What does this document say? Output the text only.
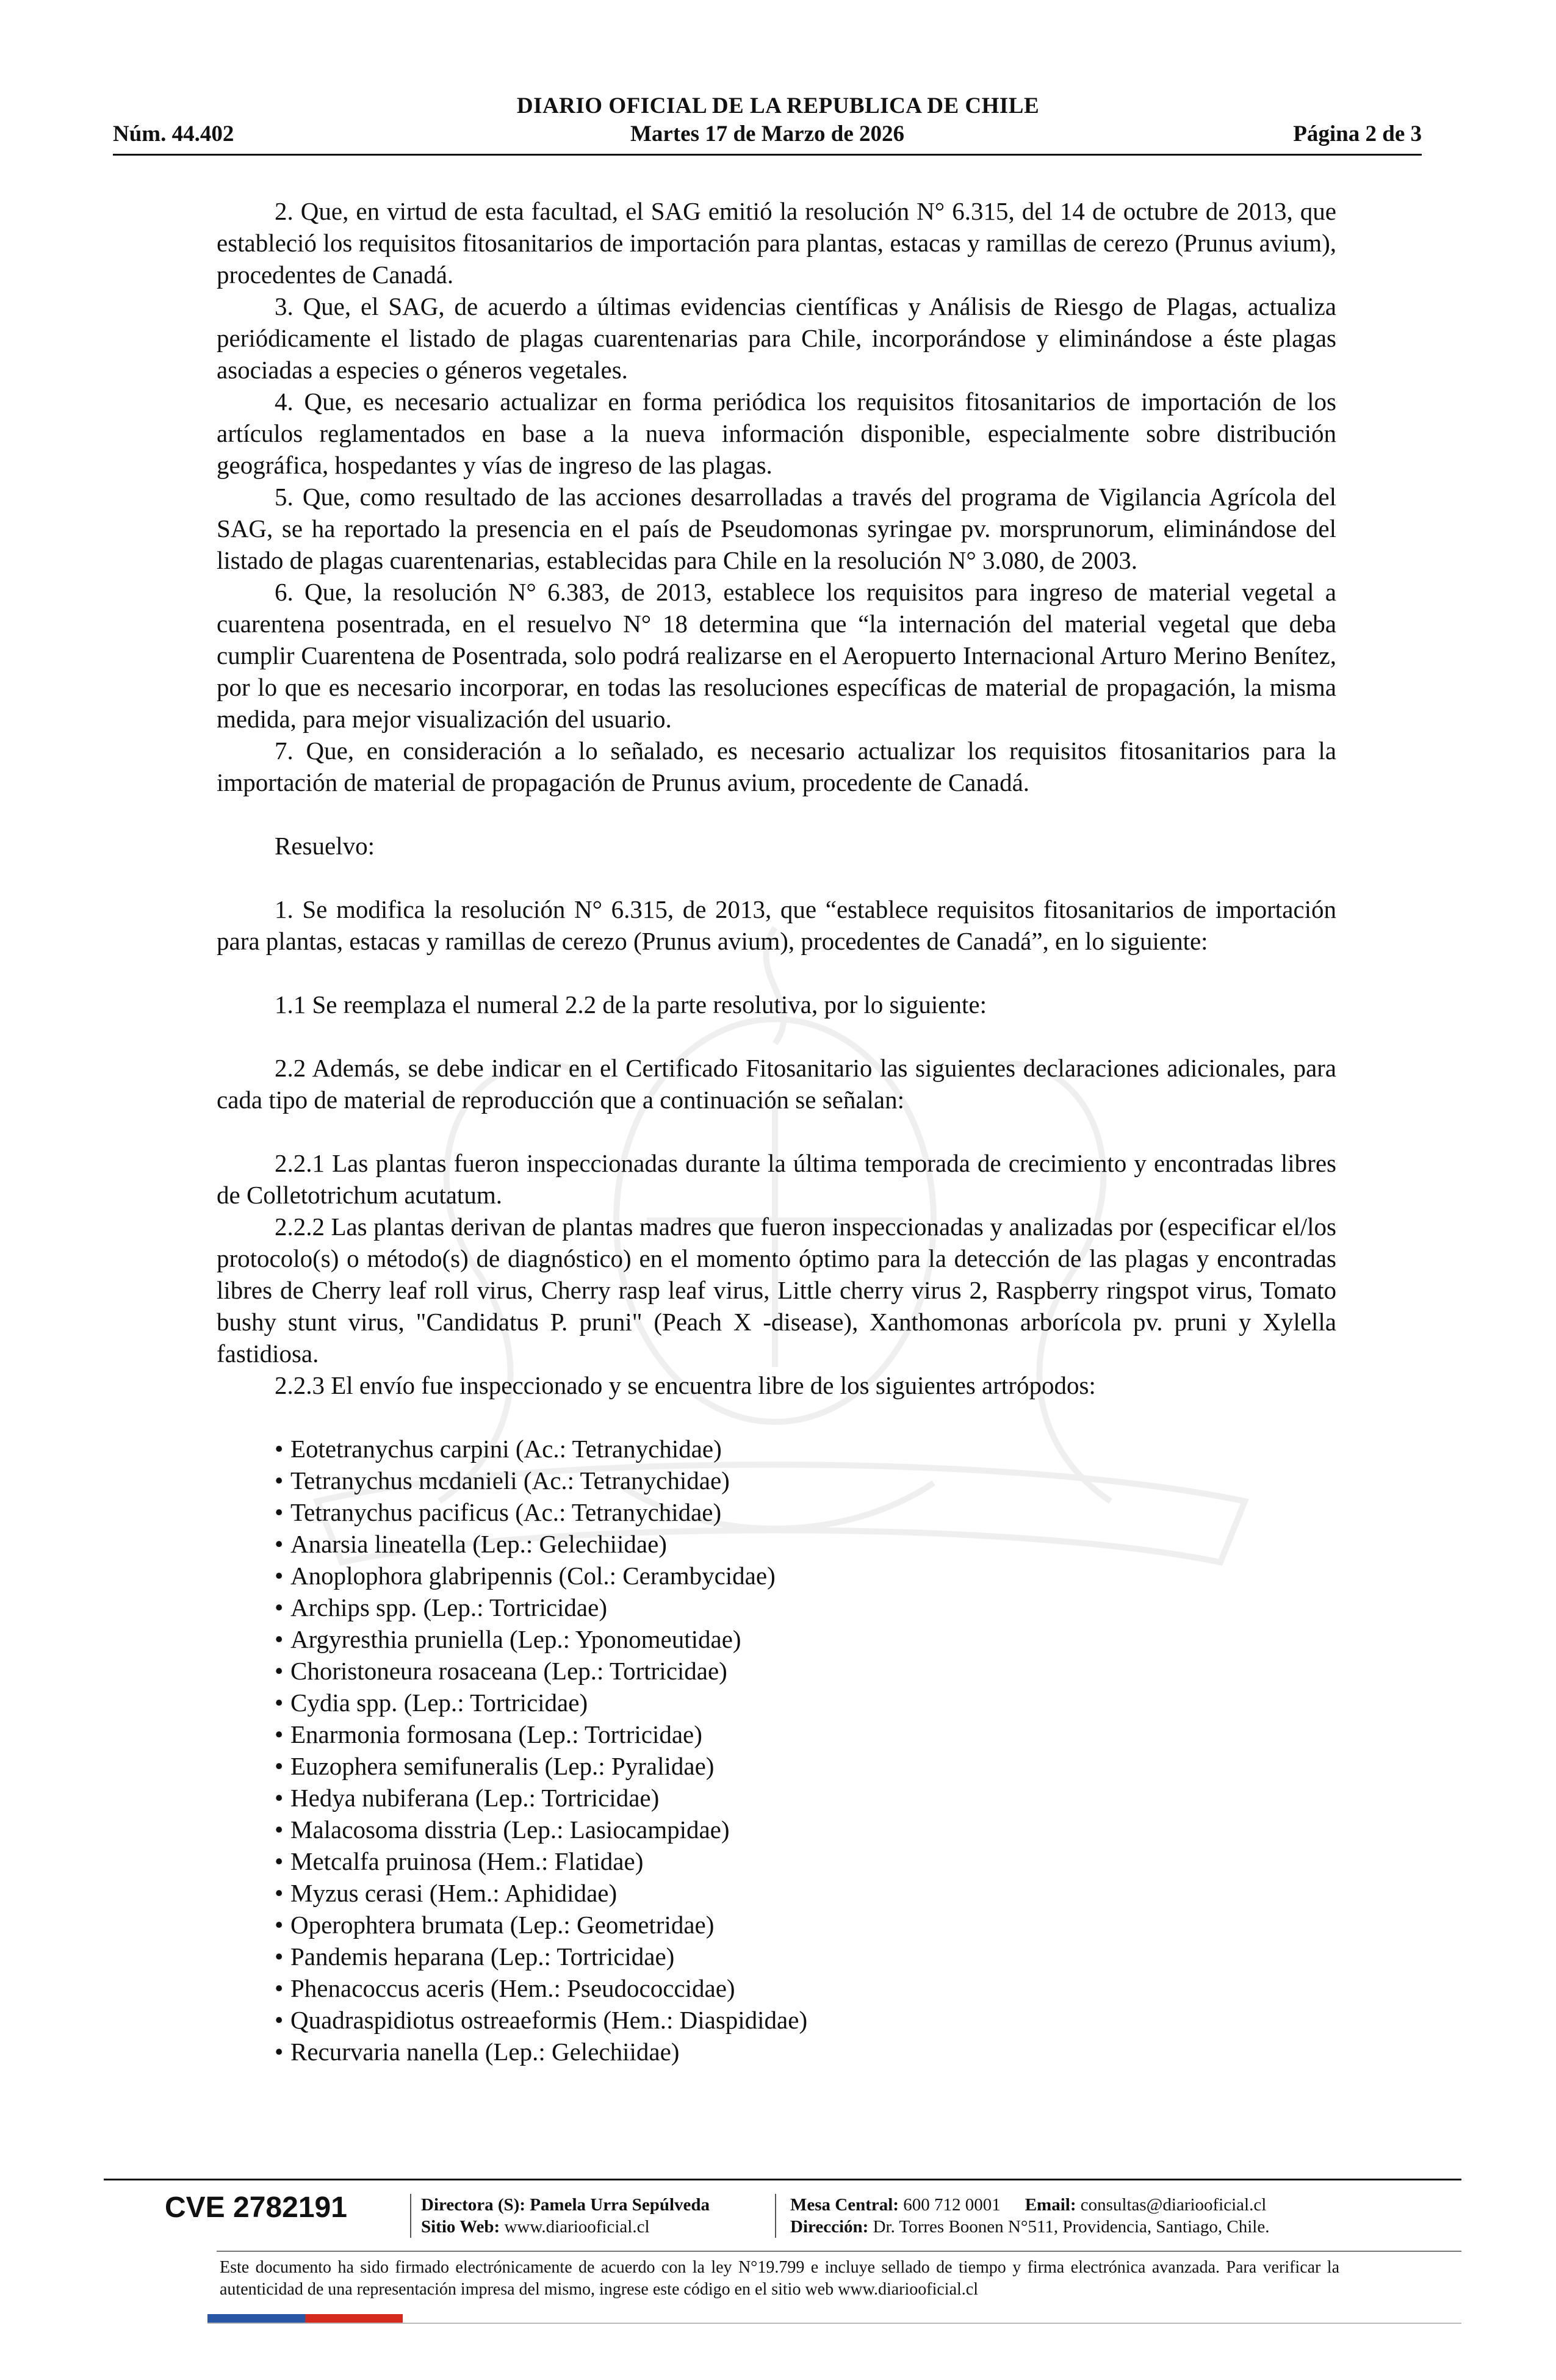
DIARIO OFICIAL DE LA REPUBLICA DE CHILE
Núm. 44.402	Martes 17 de Marzo de 2026	Página 2 de 3

2. Que, en virtud de esta facultad, el SAG emitió la resolución N° 6.315, del 14 de octubre de 2013, que estableció los requisitos fitosanitarios de importación para plantas, estacas y ramillas de cerezo (Prunus avium), procedentes de Canadá.

3. Que, el SAG, de acuerdo a últimas evidencias científicas y Análisis de Riesgo de Plagas, actualiza periódicamente el listado de plagas cuarentenarias para Chile, incorporándose y eliminándose a éste plagas asociadas a especies o géneros vegetales.

4. Que, es necesario actualizar en forma periódica los requisitos fitosanitarios de importación de los artículos reglamentados en base a la nueva información disponible, especialmente sobre distribución geográfica, hospedantes y vías de ingreso de las plagas.

5. Que, como resultado de las acciones desarrolladas a través del programa de Vigilancia Agrícola del SAG, se ha reportado la presencia en el país de Pseudomonas syringae pv. morsprunorum, eliminándose del listado de plagas cuarentenarias, establecidas para Chile en la resolución N° 3.080, de 2003.

6. Que, la resolución N° 6.383, de 2013, establece los requisitos para ingreso de material vegetal a cuarentena posentrada, en el resuelvo N° 18 determina que “la internación del material vegetal que deba cumplir Cuarentena de Posentrada, solo podrá realizarse en el Aeropuerto Internacional Arturo Merino Benítez, por lo que es necesario incorporar, en todas las resoluciones específicas de material de propagación, la misma medida, para mejor visualización del usuario.

7. Que, en consideración a lo señalado, es necesario actualizar los requisitos fitosanitarios para la importación de material de propagación de Prunus avium, procedente de Canadá.

Resuelvo:

1. Se modifica la resolución N° 6.315, de 2013, que “establece requisitos fitosanitarios de importación para plantas, estacas y ramillas de cerezo (Prunus avium), procedentes de Canadá”, en lo siguiente:

1.1 Se reemplaza el numeral 2.2 de la parte resolutiva, por lo siguiente:

2.2 Además, se debe indicar en el Certificado Fitosanitario las siguientes declaraciones adicionales, para cada tipo de material de reproducción que a continuación se señalan:

2.2.1 Las plantas fueron inspeccionadas durante la última temporada de crecimiento y encontradas libres de Colletotrichum acutatum.

2.2.2 Las plantas derivan de plantas madres que fueron inspeccionadas y analizadas por (especificar el/los protocolo(s) o método(s) de diagnóstico) en el momento óptimo para la detección de las plagas y encontradas libres de Cherry leaf roll virus, Cherry rasp leaf virus, Little cherry virus 2, Raspberry ringspot virus, Tomato bushy stunt virus, "Candidatus P. pruni" (Peach X -disease), Xanthomonas arborícola pv. pruni y Xylella fastidiosa.

2.2.3 El envío fue inspeccionado y se encuentra libre de los siguientes artrópodos:

• Eotetranychus carpini (Ac.: Tetranychidae)
• Tetranychus mcdanieli (Ac.: Tetranychidae)
• Tetranychus pacificus (Ac.: Tetranychidae)
• Anarsia lineatella (Lep.: Gelechiidae)
• Anoplophora glabripennis (Col.: Cerambycidae)
• Archips spp. (Lep.: Tortricidae)
• Argyresthia pruniella (Lep.: Yponomeutidae)
• Choristoneura rosaceana (Lep.: Tortricidae)
• Cydia spp. (Lep.: Tortricidae)
• Enarmonia formosana (Lep.: Tortricidae)
• Euzophera semifuneralis (Lep.: Pyralidae)
• Hedya nubiferana (Lep.: Tortricidae)
• Malacosoma disstria (Lep.: Lasiocampidae)
• Metcalfa pruinosa (Hem.: Flatidae)
• Myzus cerasi (Hem.: Aphididae)
• Operophtera brumata (Lep.: Geometridae)
• Pandemis heparana (Lep.: Tortricidae)
• Phenacoccus aceris (Hem.: Pseudococcidae)
• Quadraspidiotus ostreaeformis (Hem.: Diaspididae)
• Recurvaria nanella (Lep.: Gelechiidae)
CVE 2782191	Directora (S): Pamela Urra Sepúlveda
Sitio Web: www.diariooficial.cl
Mesa Central: 600 712 0001 Email: consultas@diariooficial.cl
Dirección: Dr. Torres Boonen N°511, Providencia, Santiago, Chile.
Este documento ha sido firmado electrónicamente de acuerdo con la ley N°19.799 e incluye sellado de tiempo y firma electrónica avanzada. Para verificar la autenticidad de una representación impresa del mismo, ingrese este código en el sitio web www.diariooficial.cl
